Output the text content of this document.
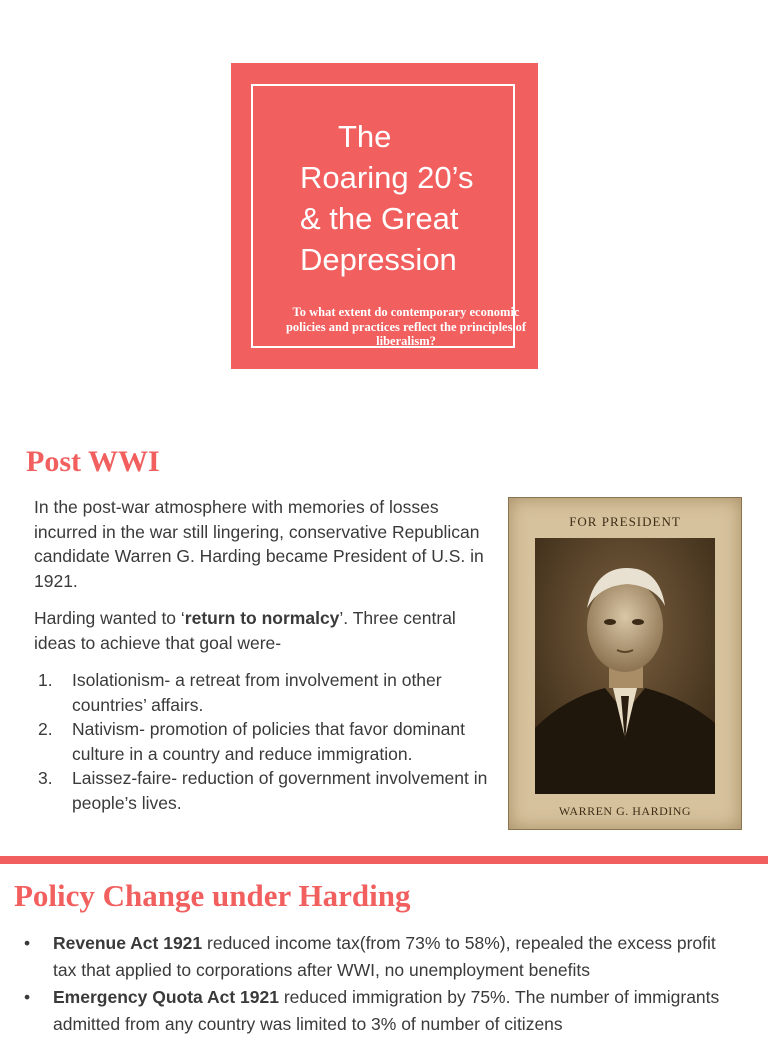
The
Roaring 20’s
& the Great
Depression

To what extent do contemporary economic policies and practices reflect the principles of liberalism?

Post WWI

In the post-war atmosphere with memories of losses incurred in the war still lingering, conservative Republican candidate Warren G. Harding became President of U.S. in 1921.

Harding wanted to ‘return to normalcy’. Three central ideas to achieve that goal were-

1. Isolationism- a retreat from involvement in other countries’ affairs.
2. Nativism- promotion of policies that favor dominant culture in a country and reduce immigration.
3. Laissez-faire- reduction of government involvement in people’s lives.
FOR PRESIDENT
WARREN G. HARDING
Policy Change under Harding
• Revenue Act 1921 reduced income tax(from 73% to 58%), repealed the excess profit tax that applied to corporations after WWI, no unemployment benefits
• Emergency Quota Act 1921 reduced immigration by 75%. The number of immigrants admitted from any country was limited to 3% of number of citizens
